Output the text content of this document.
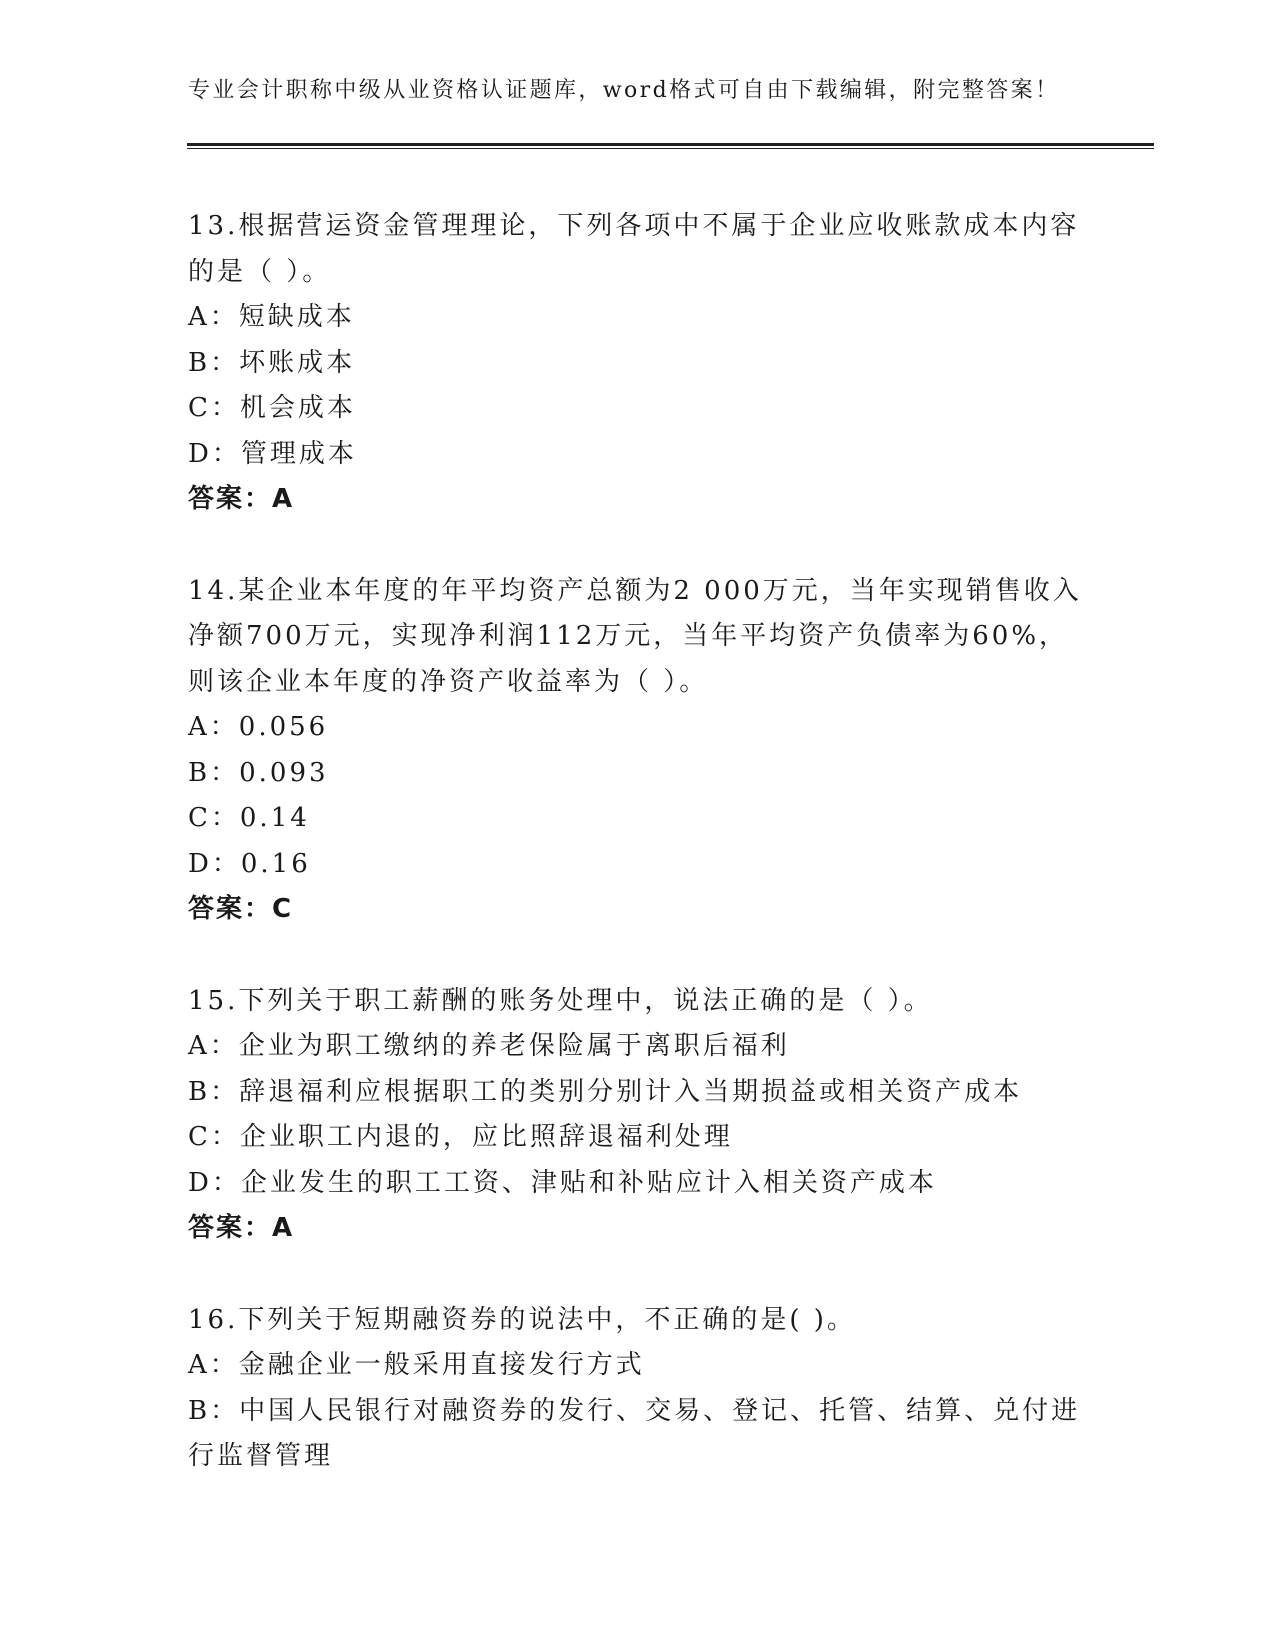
专业会计职称中级从业资格认证题库，word格式可自由下载编辑，附完整答案！
13.根据营运资金管理理论，下列各项中不属于企业应收账款成本内容
的是（ ）。
A：短缺成本
B：坏账成本
C：机会成本
D：管理成本
答案：A
14.某企业本年度的年平均资产总额为2 000万元，当年实现销售收入
净额700万元，实现净利润112万元，当年平均资产负债率为60%，
则该企业本年度的净资产收益率为（ ）。
A：0.056
B：0.093
C：0.14
D：0.16
答案：C
15.下列关于职工薪酬的账务处理中，说法正确的是（ ）。
A：企业为职工缴纳的养老保险属于离职后福利
B：辞退福利应根据职工的类别分别计入当期损益或相关资产成本
C：企业职工内退的，应比照辞退福利处理
D：企业发生的职工工资、津贴和补贴应计入相关资产成本
答案：A
16.下列关于短期融资券的说法中，不正确的是( )。
A：金融企业一般采用直接发行方式
B：中国人民银行对融资券的发行、交易、登记、托管、结算、兑付进
行监督管理
